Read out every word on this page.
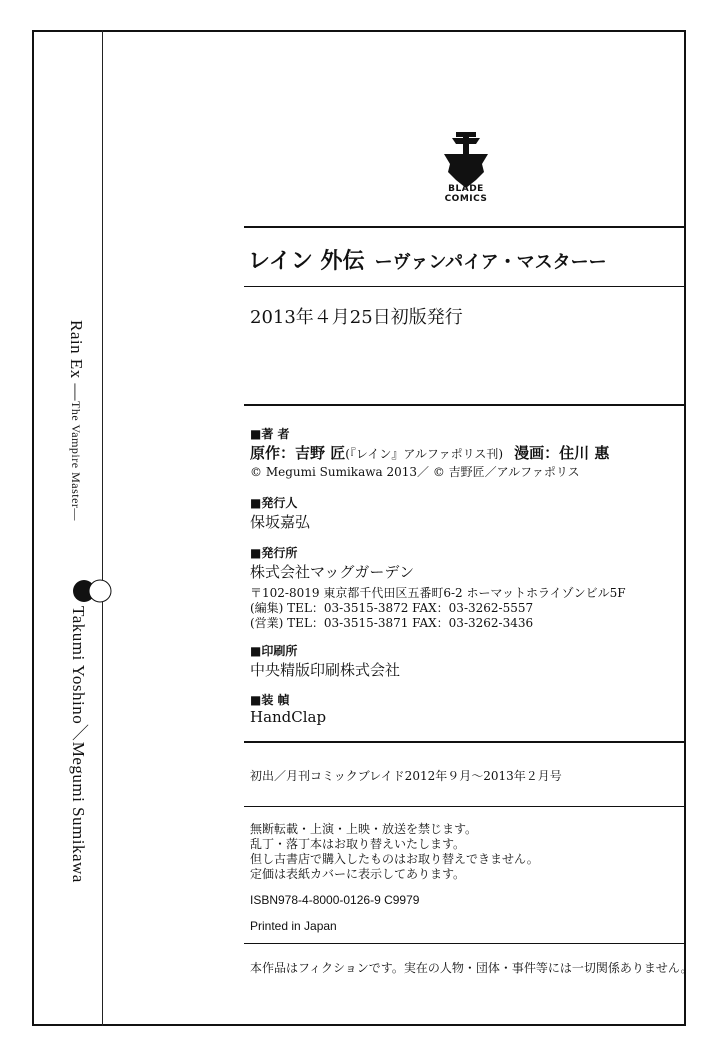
Rain Ex ―The Vampire Master―
Takumi Yoshino／Megumi Sumikawa
BLADE
COMICS
レイン 外伝 ーヴァンパイア・マスターー
2013年４月25日初版発行
■著 者
原作：吉野 匠(『レイン』アルファポリス刊) 漫画：住川 惠
© Megumi Sumikawa 2013／ © 吉野匠／アルファポリス
■発行人
保坂嘉弘
■発行所
株式会社マッグガーデン
〒102-8019 東京都千代田区五番町6-2 ホーマットホライゾンビル5F
(編集) TEL：03-3515-3872 FAX：03-3262-5557
(営業) TEL：03-3515-3871 FAX：03-3262-3436
■印刷所
中央精版印刷株式会社
■装 幀
HandClap
初出／月刊コミックブレイド2012年９月～2013年２月号
無断転載・上演・上映・放送を禁じます。
乱丁・落丁本はお取り替えいたします。
但し古書店で購入したものはお取り替えできません。
定価は表紙カバーに表示してあります。
ISBN978-4-8000-0126-9 C9979
Printed in Japan
本作品はフィクションです。実在の人物・団体・事件等には一切関係ありません。
